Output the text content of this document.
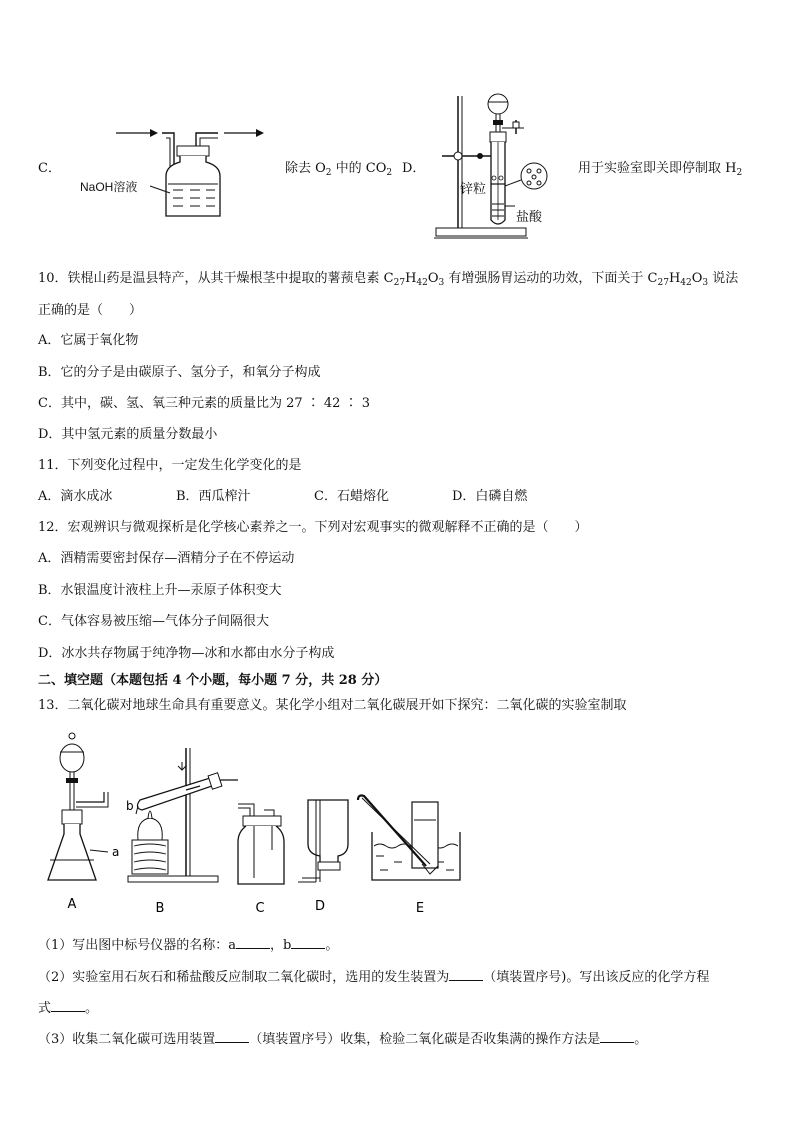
C．
NaOH溶液
除去 $O_2$ 中的 $CO_2$ D．
锌粒
盐酸
用于实验室即关即停制取 $H_2$
10．铁棍山药是温县特产，从其干燥根茎中提取的薯蓣皂素 $C_{27}H_{42}O_3$ 有增强肠胃运动的功效，下面关于 $C_{27}H_{42}O_3$ 说法
正确的是（　　）
A．它属于氧化物
B．它的分子是由碳原子、氢分子，和氧分子构成
C．其中，碳、氢、氧三种元素的质量比为 27 ∶ 42 ∶ 3
D．其中氢元素的质量分数最小
11．下列变化过程中，一定发生化学变化的是
A．滴水成冰	B．西瓜榨汁	C．石蜡熔化	D．白磷自燃
12．宏观辨识与微观探析是化学核心素养之一。下列对宏观事实的微观解释不正确的是（　　）
A．酒精需要密封保存—酒精分子在不停运动
B．水银温度计液柱上升—汞原子体积变大
C．气体容易被压缩—气体分子间隔很大
D．冰水共存物属于纯净物—冰和水都由水分子构成
二、填空题（本题包括 4 个小题，每小题 7 分，共 28 分）
13．二氧化碳对地球生命具有重要意义。某化学小组对二氧化碳展开如下探究：二氧化碳的实验室制取
A	B	C	D	E
a
b
（1）写出图中标号仪器的名称：a	，b	。
（2）实验室用石灰石和稀盐酸反应制取二氧化碳时，选用的发生装置为	（填装置序号)。写出该反应的化学方程
式	。
（3）收集二氧化碳可选用装置	（填装置序号）收集，检验二氧化碳是否收集满的操作方法是	。
